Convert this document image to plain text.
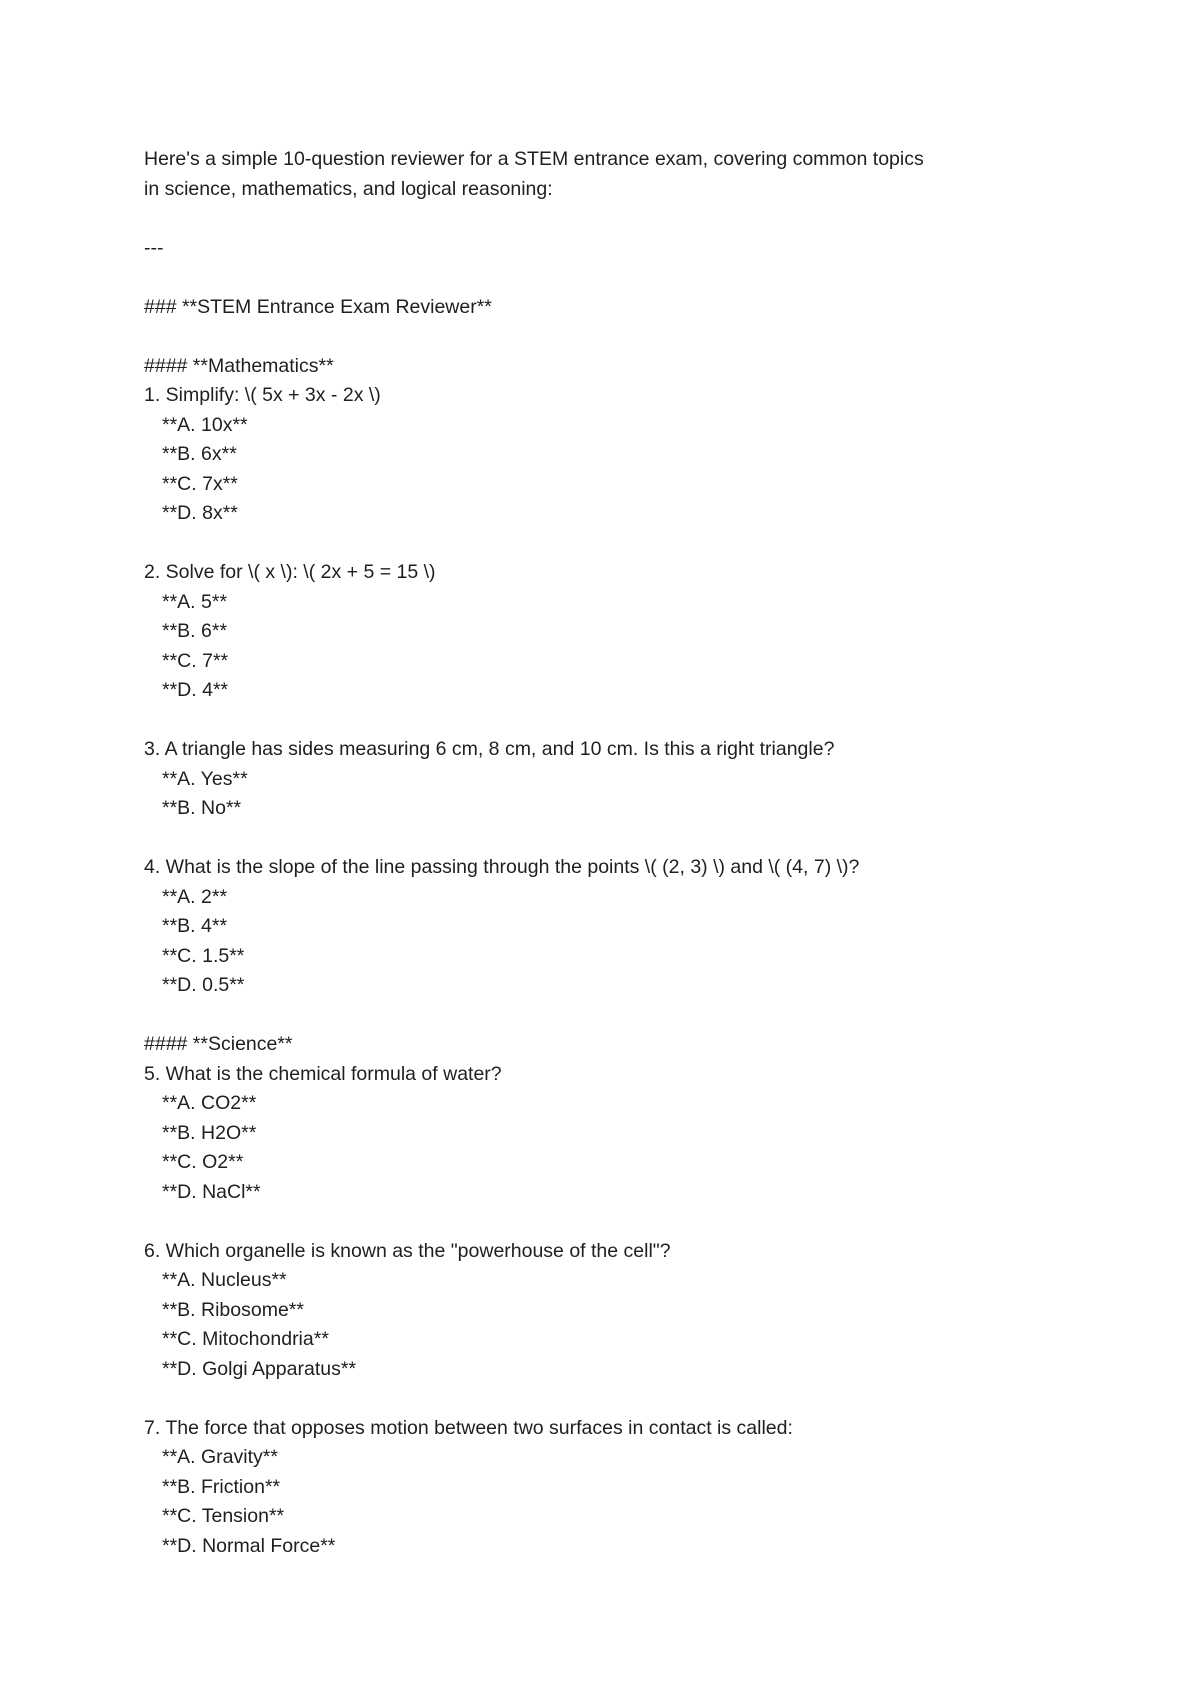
Here's a simple 10-question reviewer for a STEM entrance exam, covering common topics
in science, mathematics, and logical reasoning:
---
### **STEM Entrance Exam Reviewer**
#### **Mathematics**
1. Simplify: \( 5x + 3x - 2x \)
**A. 10x**
**B. 6x**
**C. 7x**
**D. 8x**
2. Solve for \( x \): \( 2x + 5 = 15 \)
**A. 5**
**B. 6**
**C. 7**
**D. 4**
3. A triangle has sides measuring 6 cm, 8 cm, and 10 cm. Is this a right triangle?
**A. Yes**
**B. No**
4. What is the slope of the line passing through the points \( (2, 3) \) and \( (4, 7) \)?
**A. 2**
**B. 4**
**C. 1.5**
**D. 0.5**
#### **Science**
5. What is the chemical formula of water?
**A. CO2**
**B. H2O**
**C. O2**
**D. NaCl**
6. Which organelle is known as the "powerhouse of the cell"?
**A. Nucleus**
**B. Ribosome**
**C. Mitochondria**
**D. Golgi Apparatus**
7. The force that opposes motion between two surfaces in contact is called:
**A. Gravity**
**B. Friction**
**C. Tension**
**D. Normal Force**
